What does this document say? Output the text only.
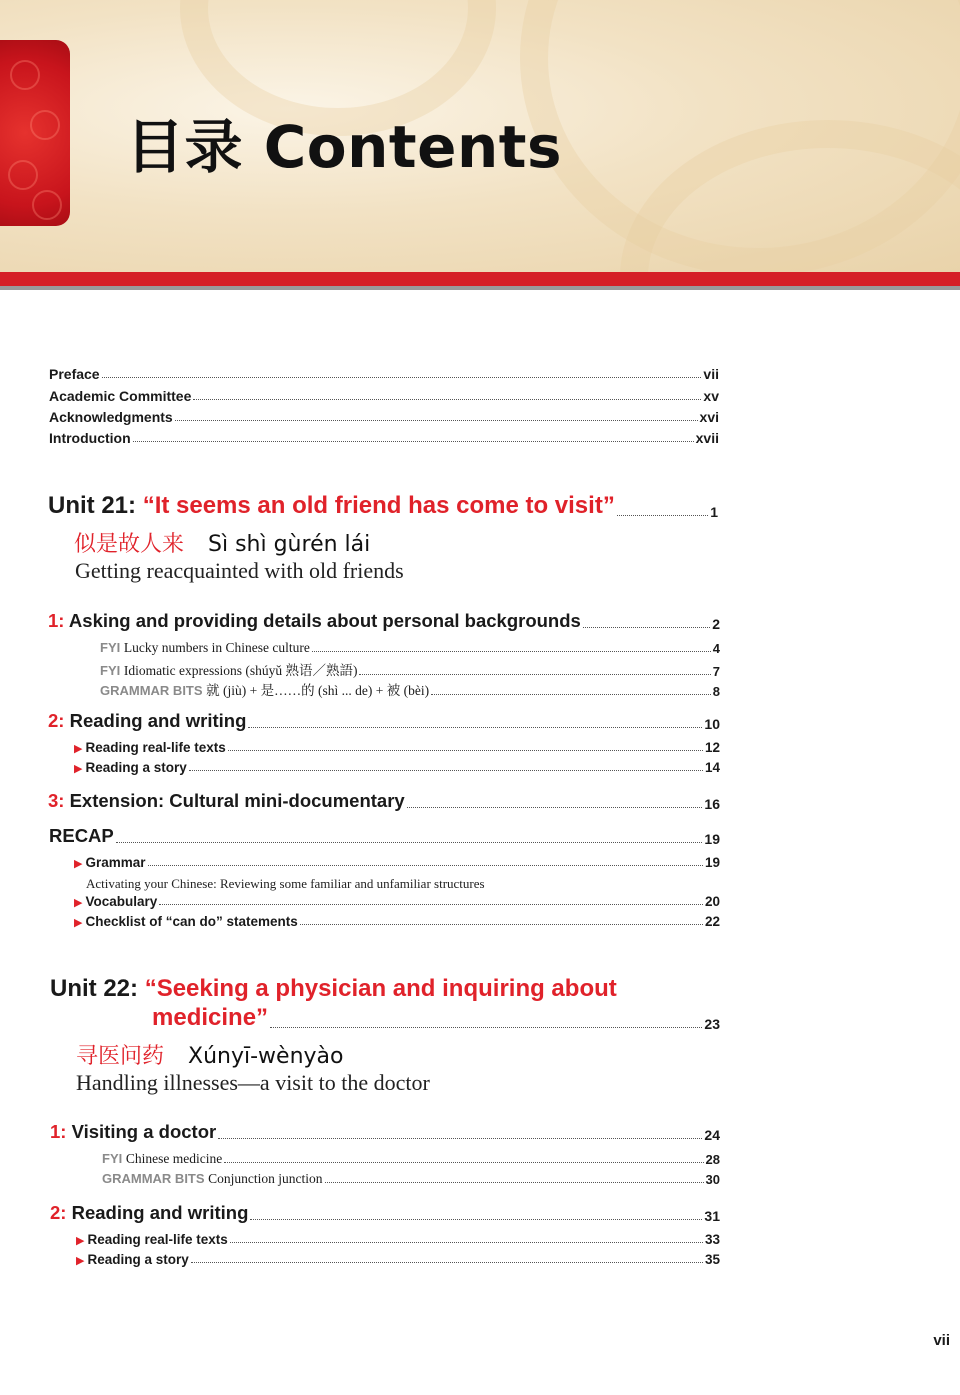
目录 Contents
Preface	vii
Academic Committee	xv
Acknowledgments	xvi
Introduction	xvii
Unit 21: “It seems an old friend has come to visit”	1
似是故人来 Sì shì gùrén lái
Getting reacquainted with old friends
1: Asking and providing details about personal backgrounds	2
FYI Lucky numbers in Chinese culture	4
FYI Idiomatic expressions (shúyǔ 熟语／熟語)	7
GRAMMAR BITS 就 (jiù) + 是……的 (shì ... de) + 被 (bèi)	8
2: Reading and writing	10
▶ Reading real-life texts	12
▶ Reading a story	14
3: Extension: Cultural mini-documentary	16
RECAP	19
▶ Grammar	19
Activating your Chinese: Reviewing some familiar and unfamiliar structures
▶ Vocabulary	20
▶ Checklist of “can do” statements	22
Unit 22: “Seeking a physician and inquiring about
medicine”	23
寻医问药 Xúnyī-wènyào
Handling illnesses—a visit to the doctor
1: Visiting a doctor	24
FYI Chinese medicine	28
GRAMMAR BITS Conjunction junction	30
2: Reading and writing	31
▶ Reading real-life texts	33
▶ Reading a story	35
vii
